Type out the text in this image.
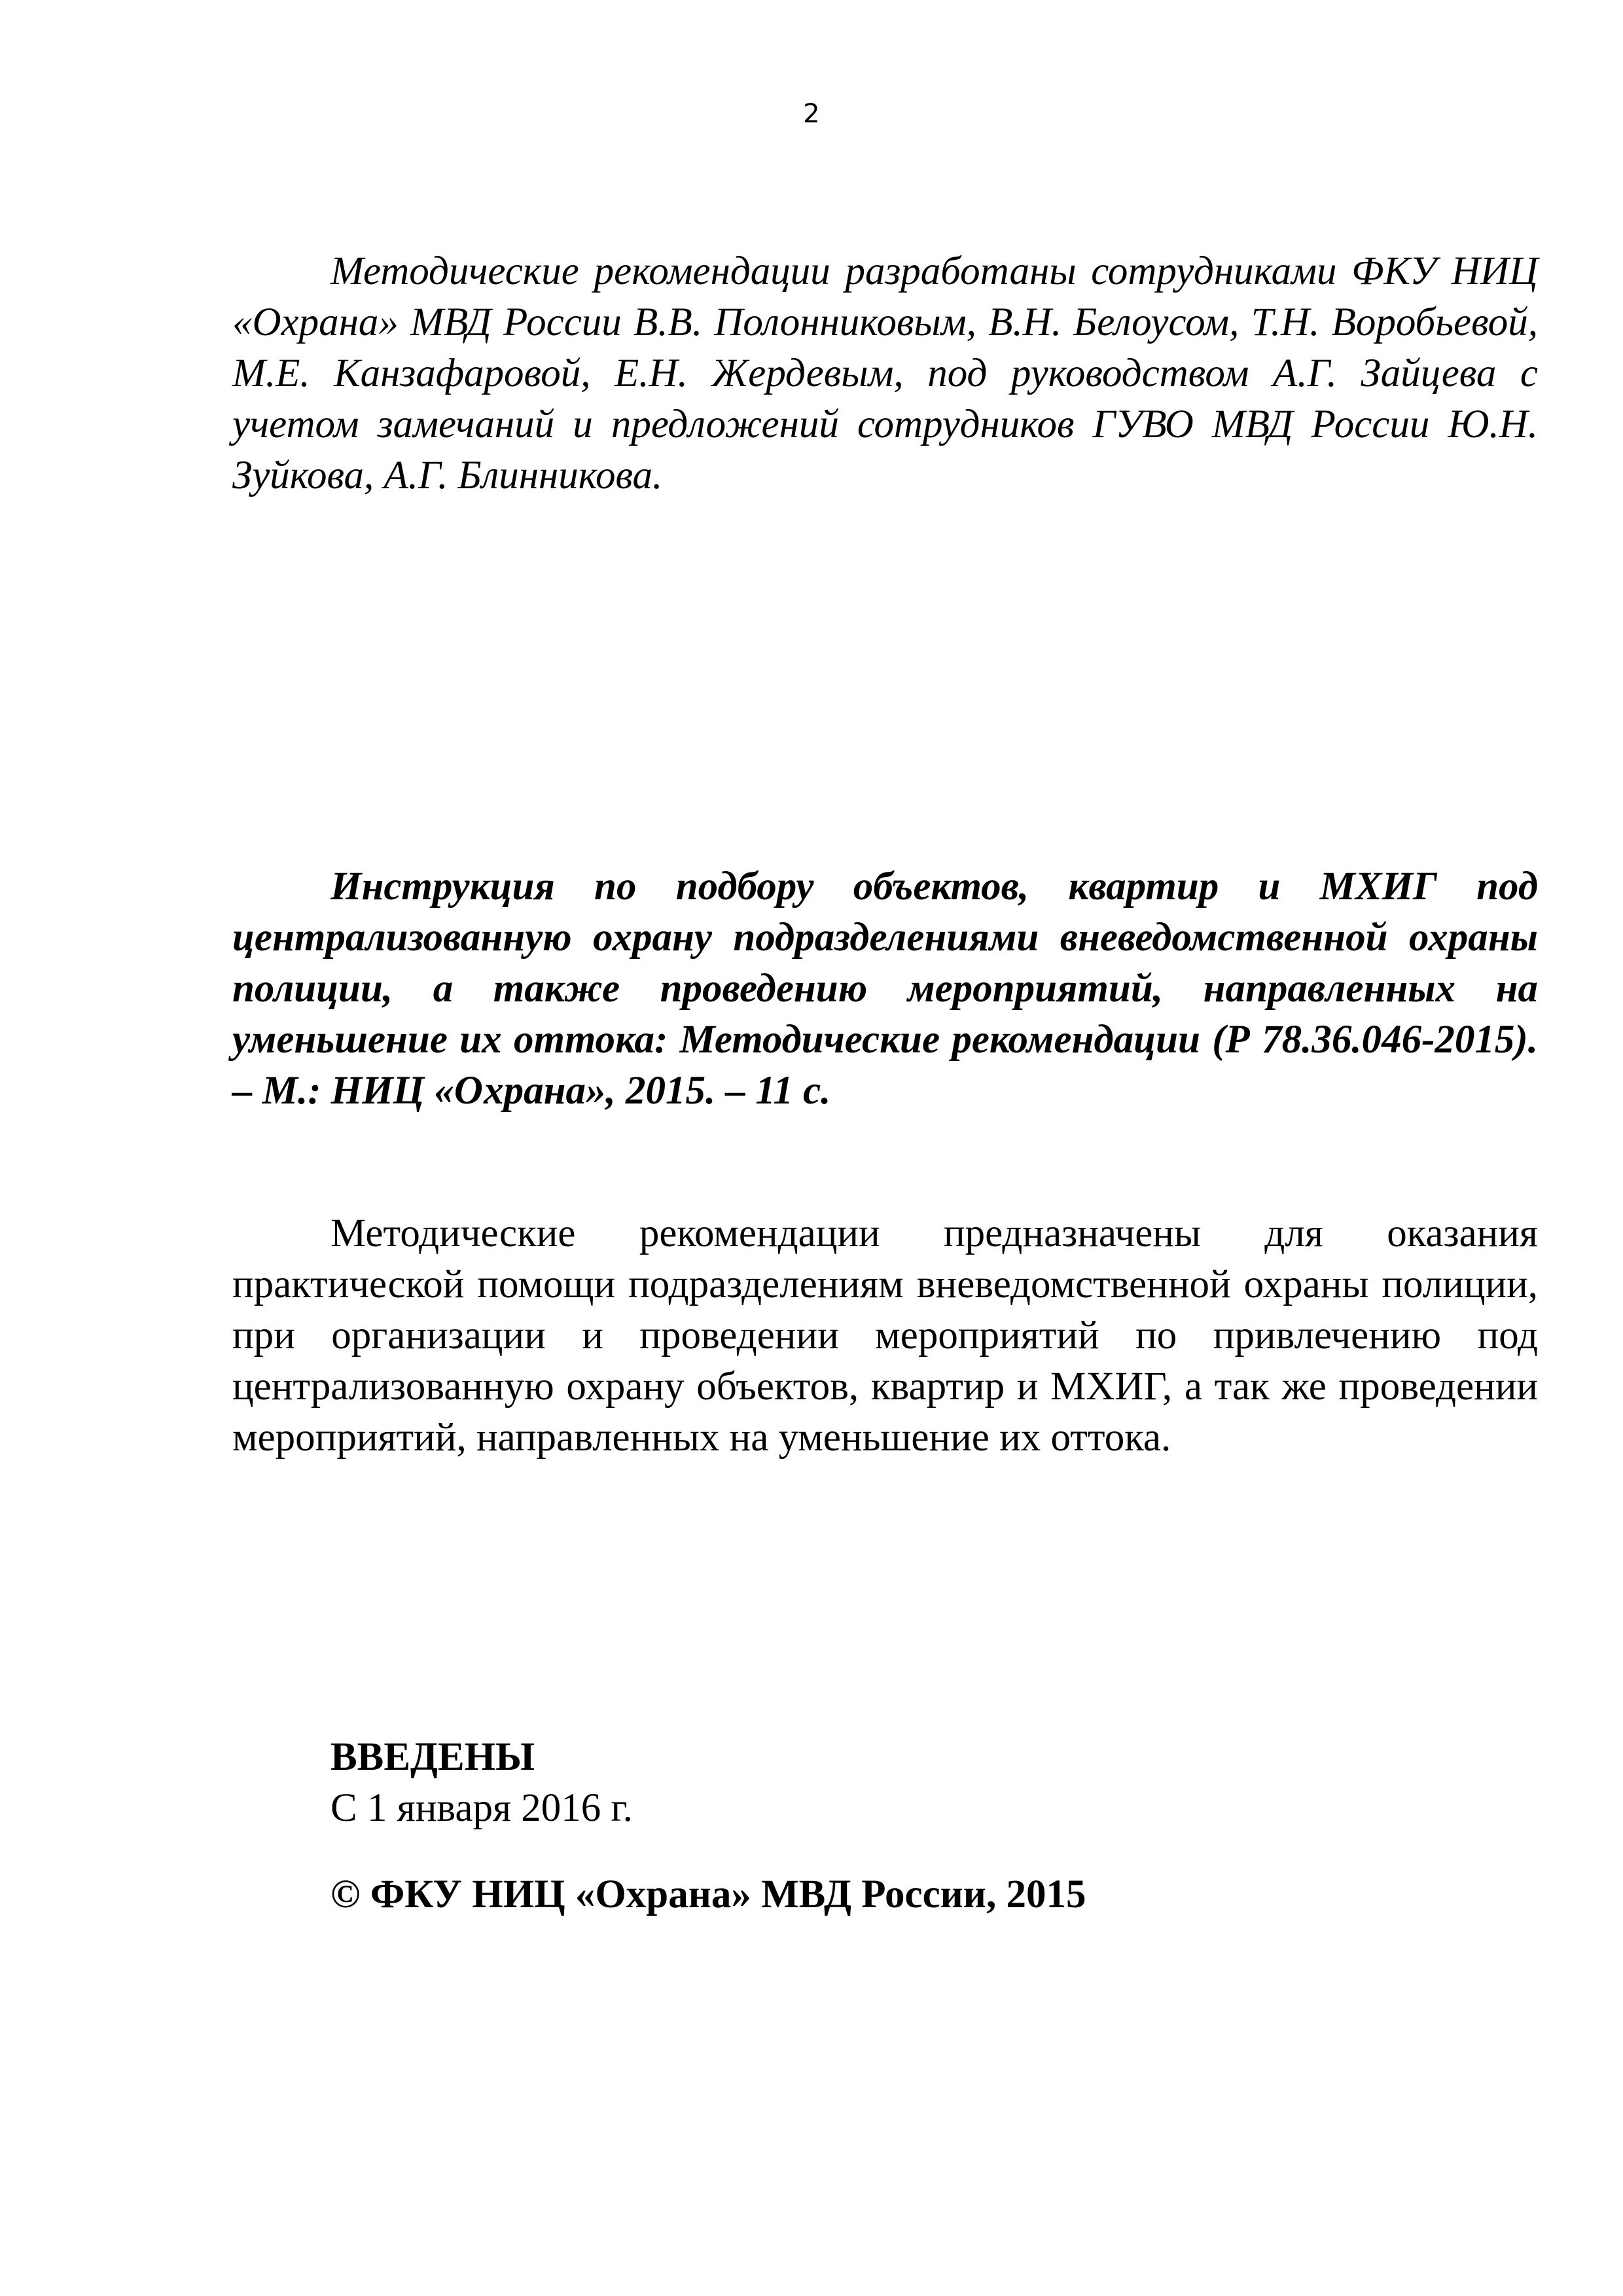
2

Методические рекомендации разработаны сотрудниками ФКУ НИЦ «Охрана» МВД России В.В. Полонниковым, В.Н. Белоусом, Т.Н. Воробьевой, М.Е. Канзафаровой, Е.Н. Жердевым, под руководством А.Г. Зайцева с учетом замечаний и предложений сотрудников ГУВО МВД России Ю.Н. Зуйкова, А.Г. Блинникова.

Инструкция по подбору объектов, квартир и МХИГ под централизованную охрану подразделениями вневедомственной охраны полиции, а также проведению мероприятий, направленных на уменьшение их оттока: Методические рекомендации (Р 78.36.046-2015). – М.: НИЦ «Охрана», 2015. – 11 с.

Методические рекомендации предназначены для оказания практической помощи подразделениям вневедомственной охраны полиции, при организации и проведении мероприятий по привлечению под централизованную охрану объектов, квартир и МХИГ, а так же проведении мероприятий, направленных на уменьшение их оттока.

ВВЕДЕНЫ
С 1 января 2016 г.
© ФКУ НИЦ «Охрана» МВД России, 2015
